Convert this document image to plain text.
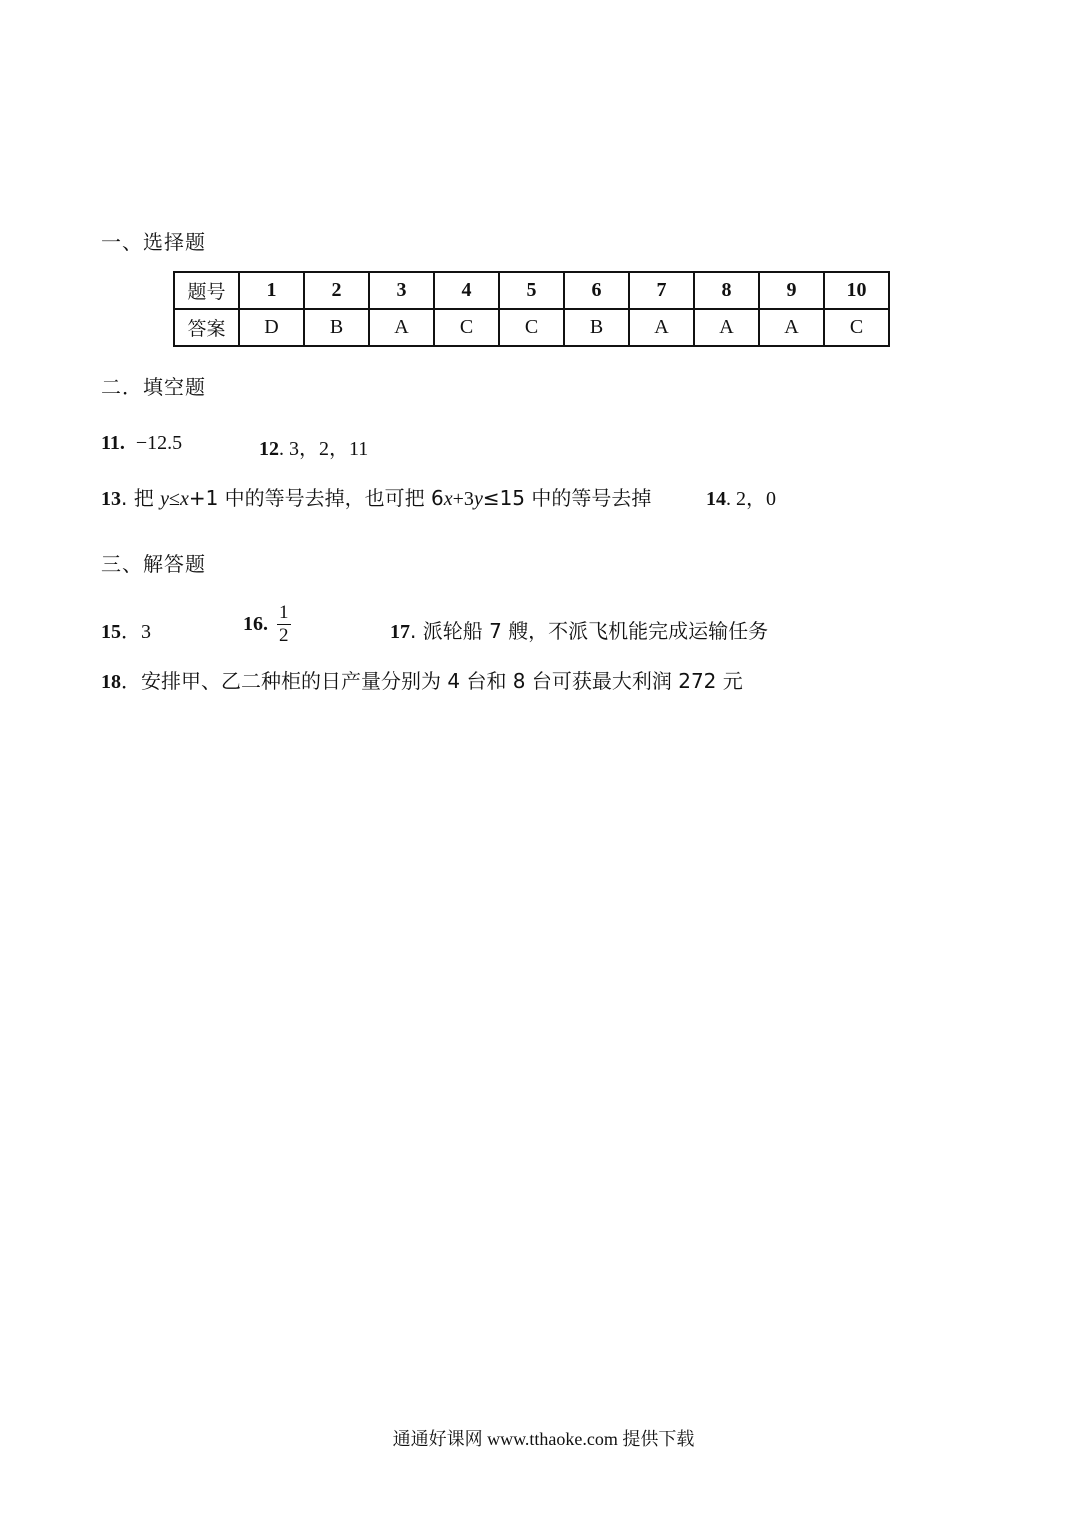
一、选择题
题号	1	2	3	4	5	6	7	8	9	10
答案	D	B	A	C	C	B	A	A	A	C
二．填空题
11. −12.5	12. 3，2，11
13. 把 y≤x+1 中的等号去掉，也可把 6x+3y≤15 中的等号去掉	14. 2，0
三、解答题
15．3	16. $\frac{1}{2}$	17. 派轮船 7 艘，不派飞机能完成运输任务
18．安排甲、乙二种柜的日产量分别为 4 台和 8 台可获最大利润 272 元
通通好课网 www.tthaoke.com 提供下载
